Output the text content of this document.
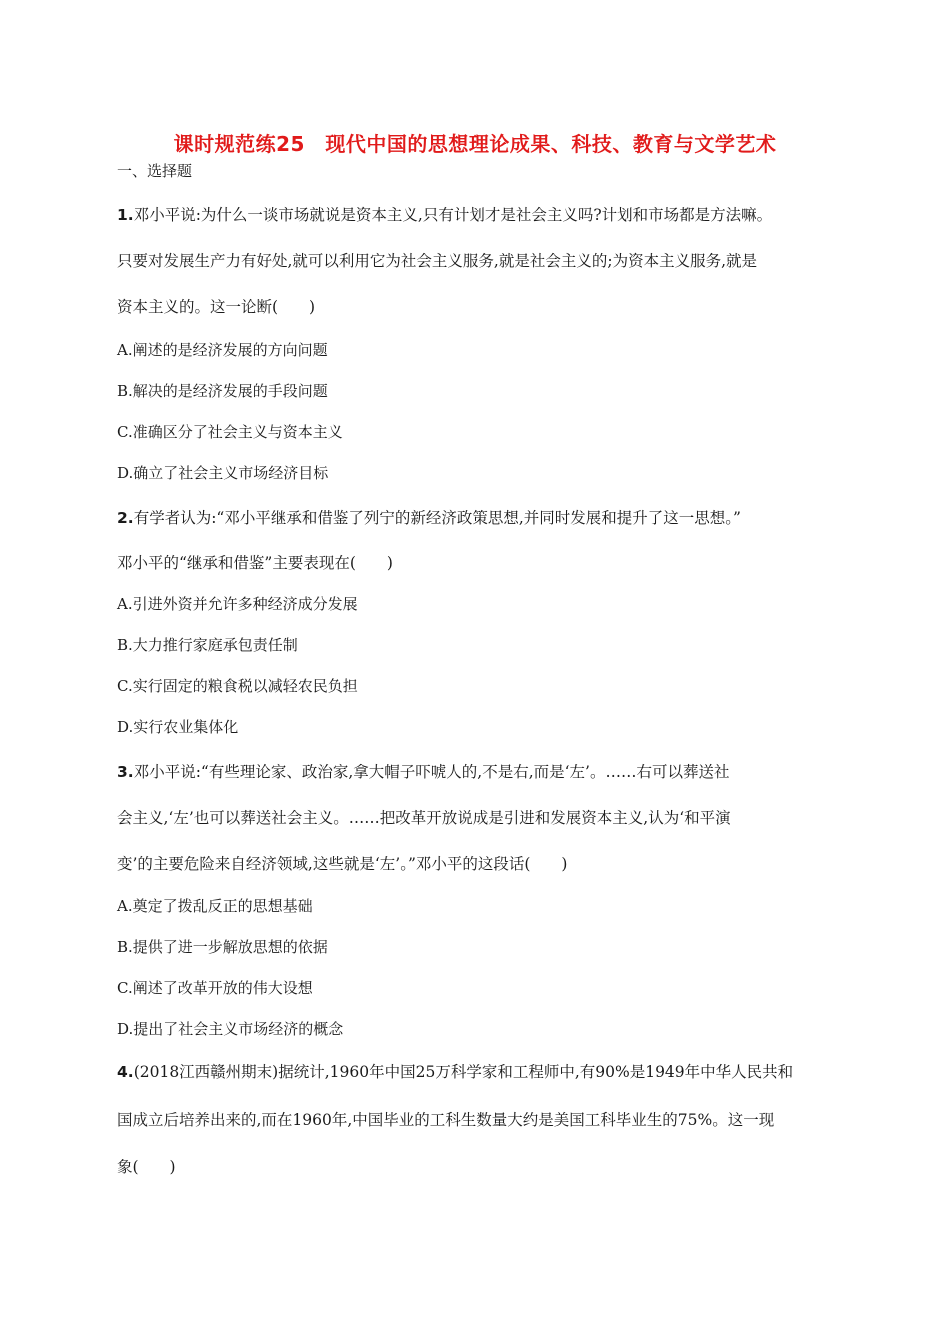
课时规范练25　现代中国的思想理论成果、科技、教育与文学艺术
一、选择题
1.邓小平说:为什么一谈市场就说是资本主义,只有计划才是社会主义吗?计划和市场都是方法嘛。
只要对发展生产力有好处,就可以利用它为社会主义服务,就是社会主义的;为资本主义服务,就是
资本主义的。这一论断(　　)
A.阐述的是经济发展的方向问题
B.解决的是经济发展的手段问题
C.准确区分了社会主义与资本主义
D.确立了社会主义市场经济目标
2.有学者认为:“邓小平继承和借鉴了列宁的新经济政策思想,并同时发展和提升了这一思想。”
邓小平的“继承和借鉴”主要表现在(　　)
A.引进外资并允许多种经济成分发展
B.大力推行家庭承包责任制
C.实行固定的粮食税以减轻农民负担
D.实行农业集体化
3.邓小平说:“有些理论家、政治家,拿大帽子吓唬人的,不是右,而是‘左’。……右可以葬送社
会主义,‘左’也可以葬送社会主义。……把改革开放说成是引进和发展资本主义,认为‘和平演
变’的主要危险来自经济领域,这些就是‘左’。”邓小平的这段话(　　)
A.奠定了拨乱反正的思想基础
B.提供了进一步解放思想的依据
C.阐述了改革开放的伟大设想
D.提出了社会主义市场经济的概念
4.(2018江西赣州期末)据统计,1960年中国25万科学家和工程师中,有90%是1949年中华人民共和
国成立后培养出来的,而在1960年,中国毕业的工科生数量大约是美国工科毕业生的75%。这一现
象(　　)
